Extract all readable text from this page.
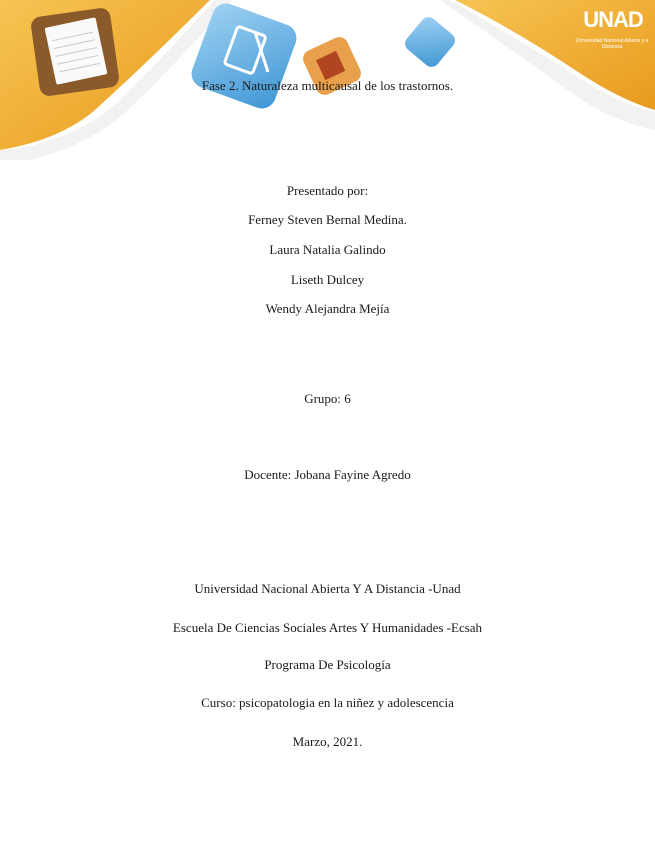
UNAD
Universidad Nacional Abierta y a Distancia
Fase 2. Naturaleza multicausal de los trastornos.
Presentado por:
Ferney Steven Bernal Medina.
Laura Natalia Galindo
Liseth Dulcey
Wendy Alejandra Mejía
Grupo: 6
Docente: Jobana Fayine Agredo
Universidad Nacional Abierta Y A Distancia -Unad
Escuela De Ciencias Sociales Artes Y Humanidades -Ecsah
Programa De Psicología
Curso: psicopatologia en la niñez y adolescencia
Marzo, 2021.
